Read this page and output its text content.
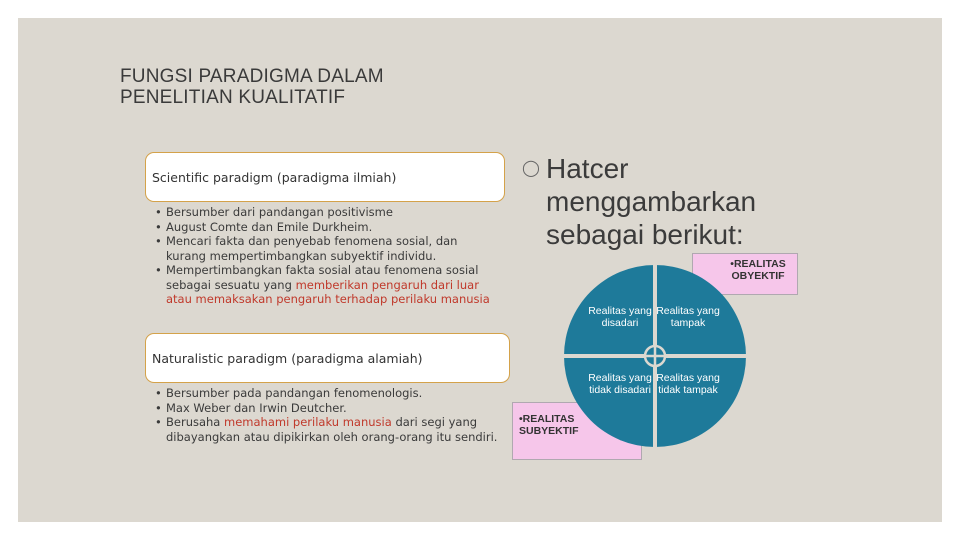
FUNGSI PARADIGMA DALAM
PENELITIAN KUALITATIF
Scientific paradigm (paradigma ilmiah)
• Bersumber dari pandangan positivisme
• August Comte dan Emile Durkheim.
• Mencari fakta dan penyebab fenomena sosial, dan kurang mempertimbangkan subyektif individu.
• Mempertimbangkan fakta sosial atau fenomena sosial sebagai sesuatu yang memberikan pengaruh dari luar atau memaksakan pengaruh terhadap perilaku manusia
Naturalistic paradigm (paradigma alamiah)
• Bersumber pada pandangan fenomenologis.
• Max Weber dan Irwin Deutcher.
• Berusaha memahami perilaku manusia dari segi yang dibayangkan atau dipikirkan oleh orang-orang itu sendiri.
◯ Hatcer
menggambarkan
sebagai berikut:
•REALITAS OBYEKTIF
•REALITAS SUBYEKTIF
Realitas yang disadari
Realitas yang tampak
Realitas yang tidak disadari
Realitas yang tidak tampak
